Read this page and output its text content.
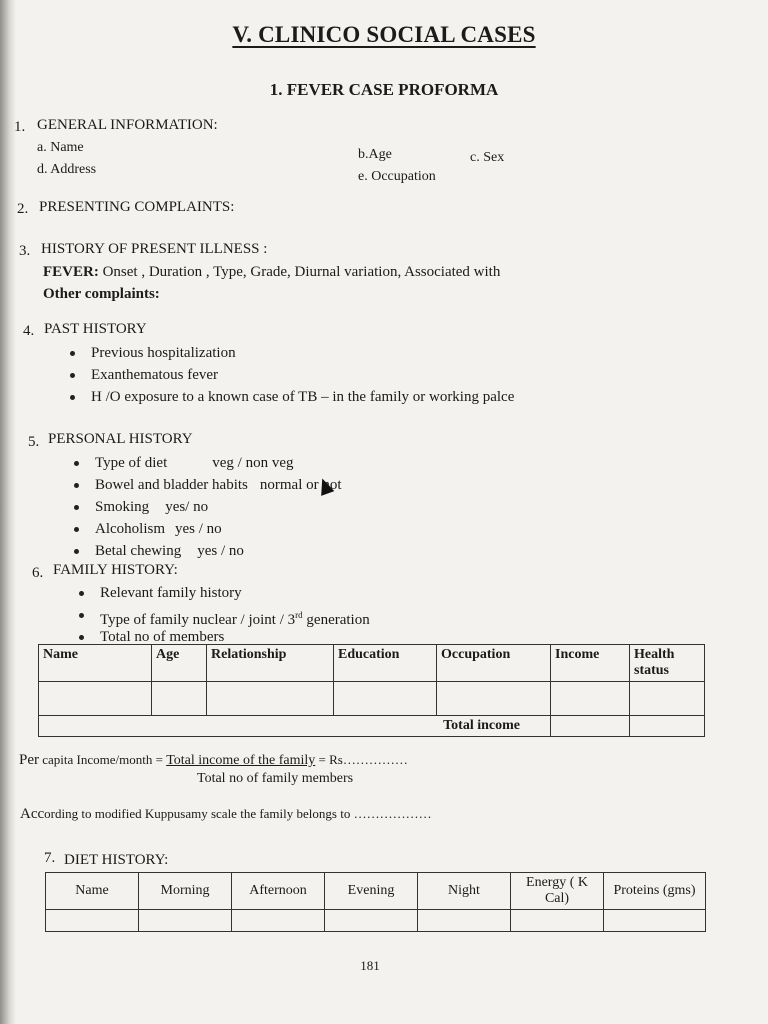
V. CLINICO SOCIAL CASES
1. FEVER CASE PROFORMA
1. GENERAL INFORMATION:
a. Name
d. Address
b.Age	c. Sex
e. Occupation
2. PRESENTING COMPLAINTS:
3. HISTORY OF PRESENT ILLNESS :
FEVER: Onset , Duration , Type, Grade, Diurnal variation, Associated with
Other complaints:
4. PAST HISTORY
Previous hospitalization
Exanthematous fever
H /O exposure to a known case of TB – in the family or working palce
5. PERSONAL HISTORY
Type of diet	veg / non veg
Bowel and bladder habits normal or not
Smoking yes/ no
Alcoholism yes / no
Betal chewing yes / no
6. FAMILY HISTORY:
Relevant family history
Type of family nuclear / joint / 3rd generation
Total no of members
Name	Age	Relationship	Education	Occupation	Income	Health status

Total income						
Per capita Income/month = Total income of the family = Rs……………
Total no of family members
According to modified Kuppusamy scale the family belongs to ………………
7. DIET HISTORY:
Name	Morning	Afternoon	Evening	Night	Energy ( K Cal)	Proteins (gms)

181
